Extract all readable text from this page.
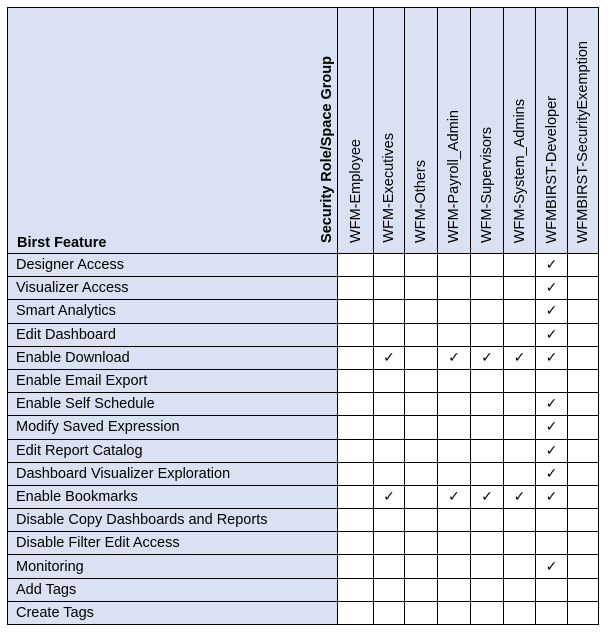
Birst Feature Security Role/Space Group	WFM-Employee	WFM-Executives	WFM-Others	WFM-Payroll_Admin	WFM-Supervisors	WFM-System_Admins	WFMBIRST-Developer	WFMBIRST-SecurityExemption

Designer Access							✓	
Visualizer Access							✓	
Smart Analytics							✓	
Edit Dashboard							✓	
Enable Download		✓		✓	✓	✓	✓	
Enable Email Export								
Enable Self Schedule							✓	
Modify Saved Expression							✓	
Edit Report Catalog							✓	
Dashboard Visualizer Exploration							✓	
Enable Bookmarks		✓		✓	✓	✓	✓	
Disable Copy Dashboards and Reports								
Disable Filter Edit Access								
Monitoring							✓	
Add Tags								
Create Tags								
